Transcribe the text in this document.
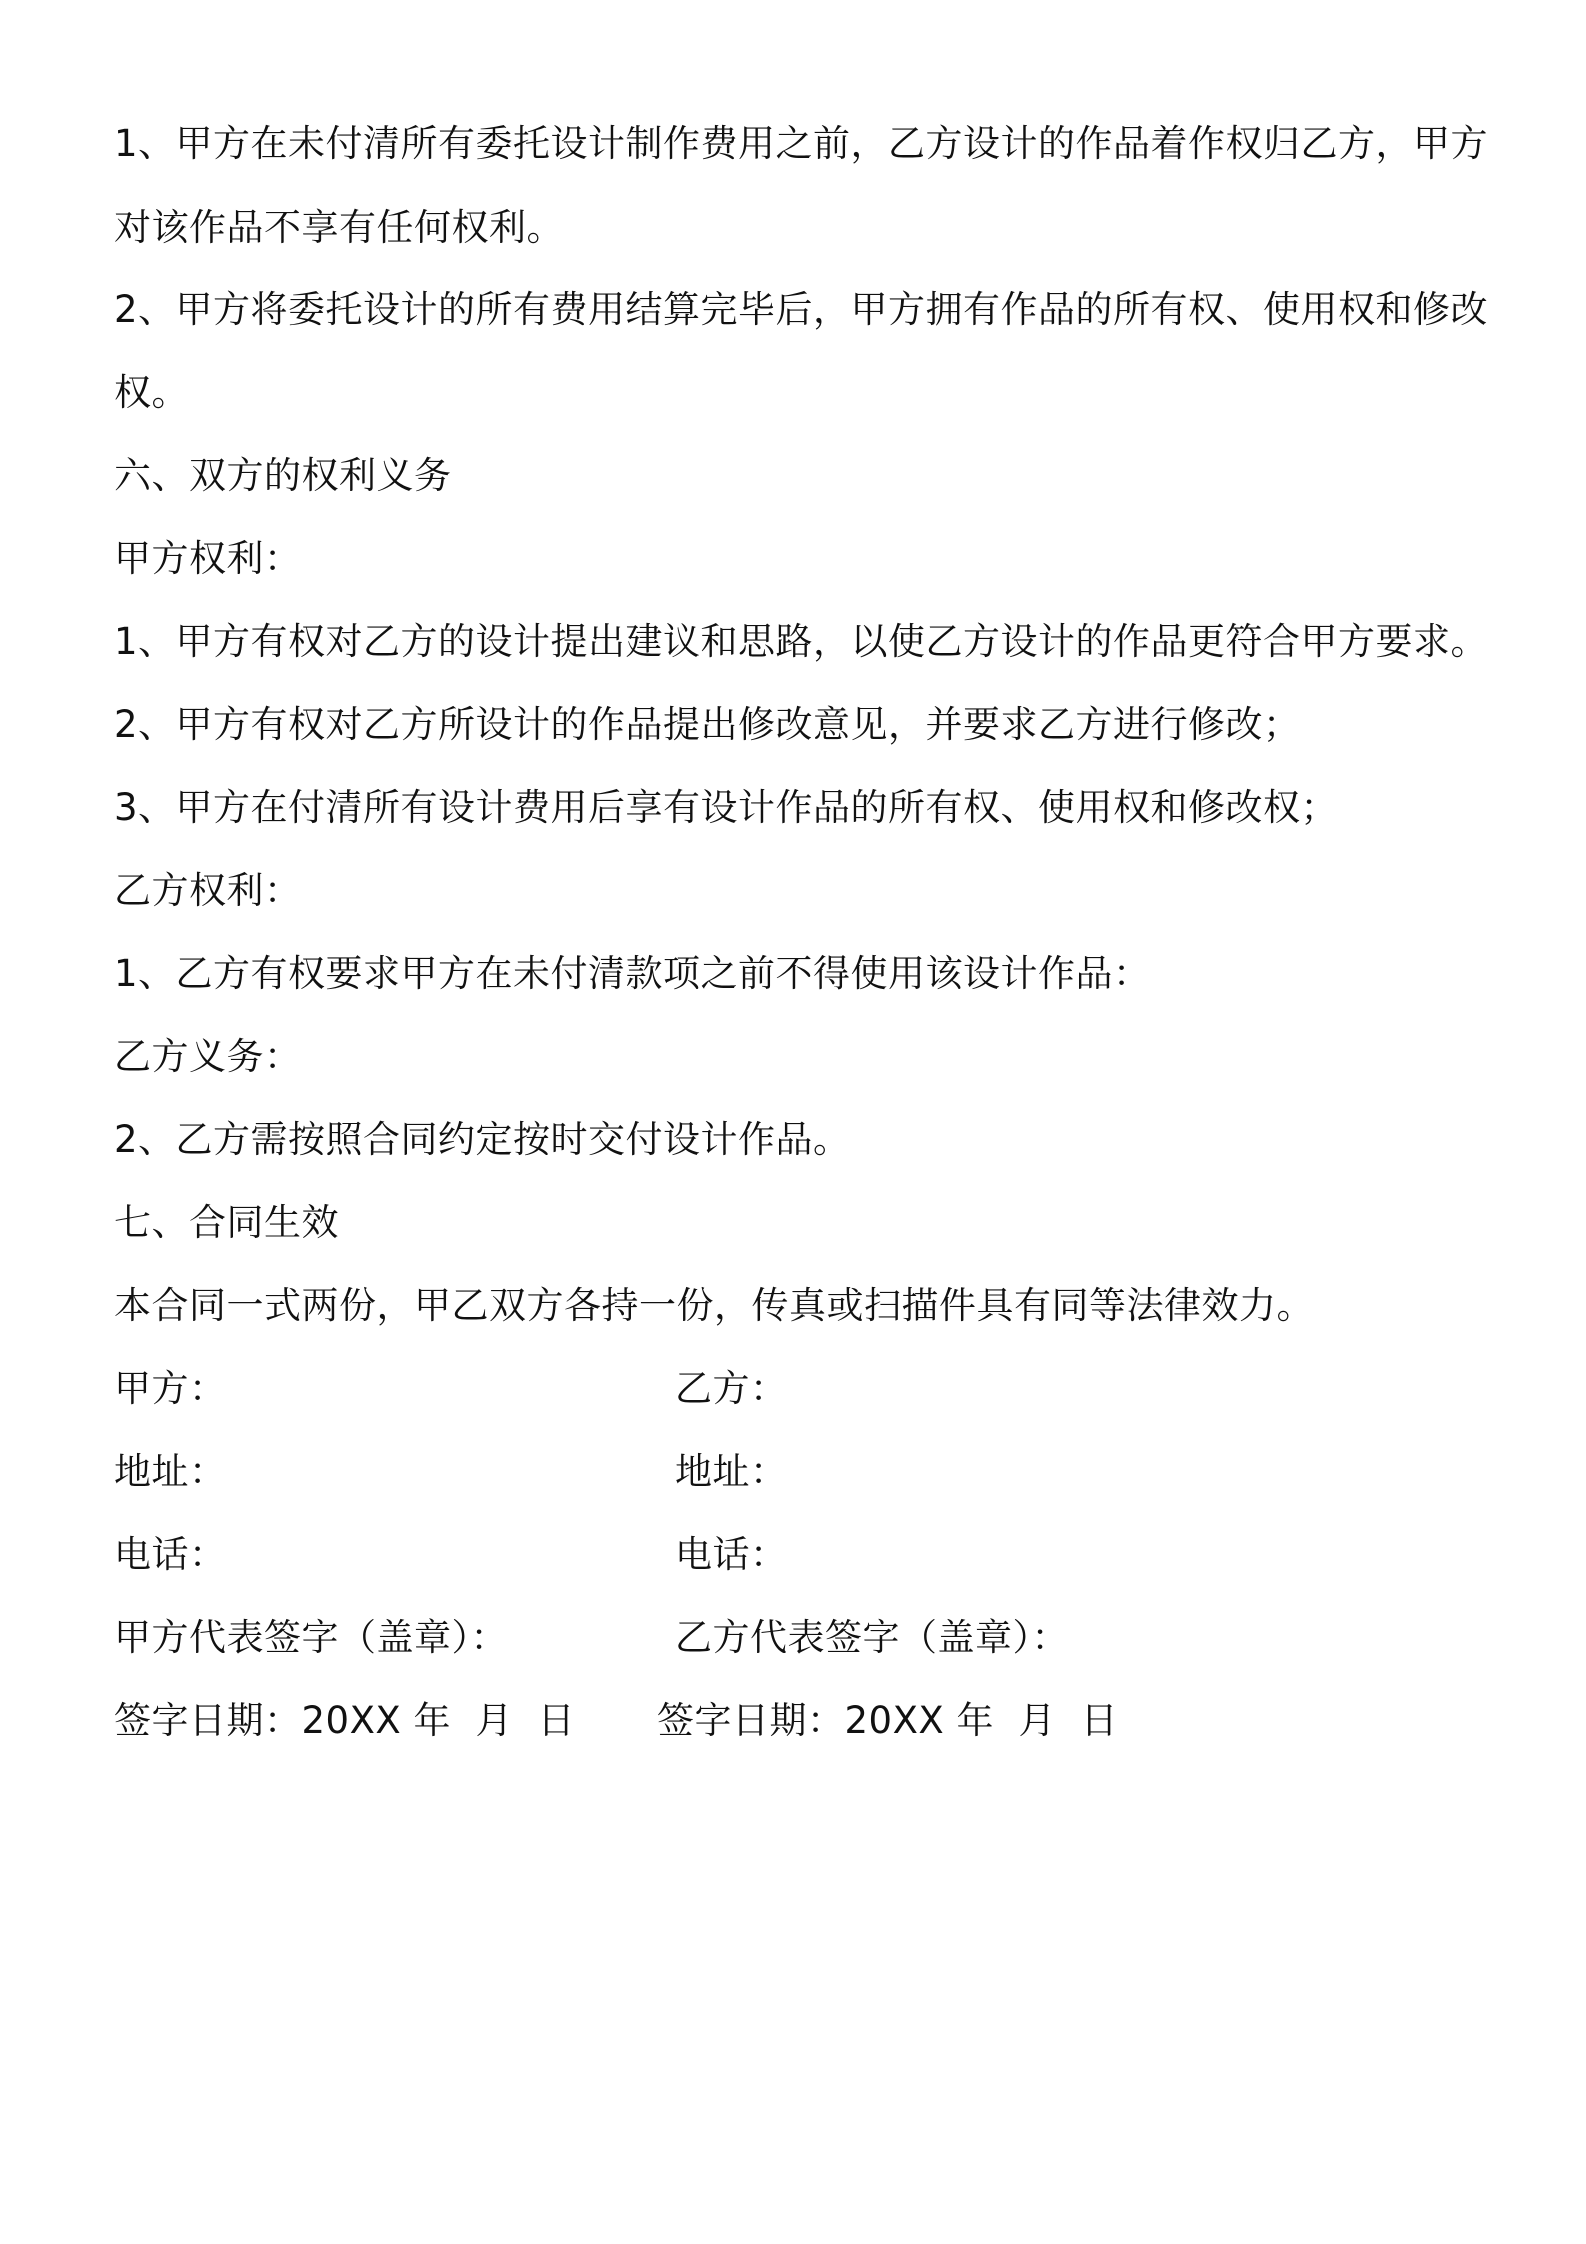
1、甲方在未付清所有委托设计制作费用之前，乙方设计的作品着作权归乙方，甲方
对该作品不享有任何权利。
2、甲方将委托设计的所有费用结算完毕后，甲方拥有作品的所有权、使用权和修改
权。
六、双方的权利义务
甲方权利：
1、甲方有权对乙方的设计提出建议和思路，以使乙方设计的作品更符合甲方要求。
2、甲方有权对乙方所设计的作品提出修改意见，并要求乙方进行修改；
3、甲方在付清所有设计费用后享有设计作品的所有权、使用权和修改权；
乙方权利：
1、乙方有权要求甲方在未付清款项之前不得使用该设计作品：
乙方义务：
2、乙方需按照合同约定按时交付设计作品。
七、合同生效
本合同一式两份，甲乙双方各持一份，传真或扫描件具有同等法律效力。
甲方：
地址：
电话：
甲方代表签字（盖章）：
签字日期：20XX 年  月  日
乙方：
地址：
电话：
乙方代表签字（盖章）：
签字日期：20XX 年  月  日
